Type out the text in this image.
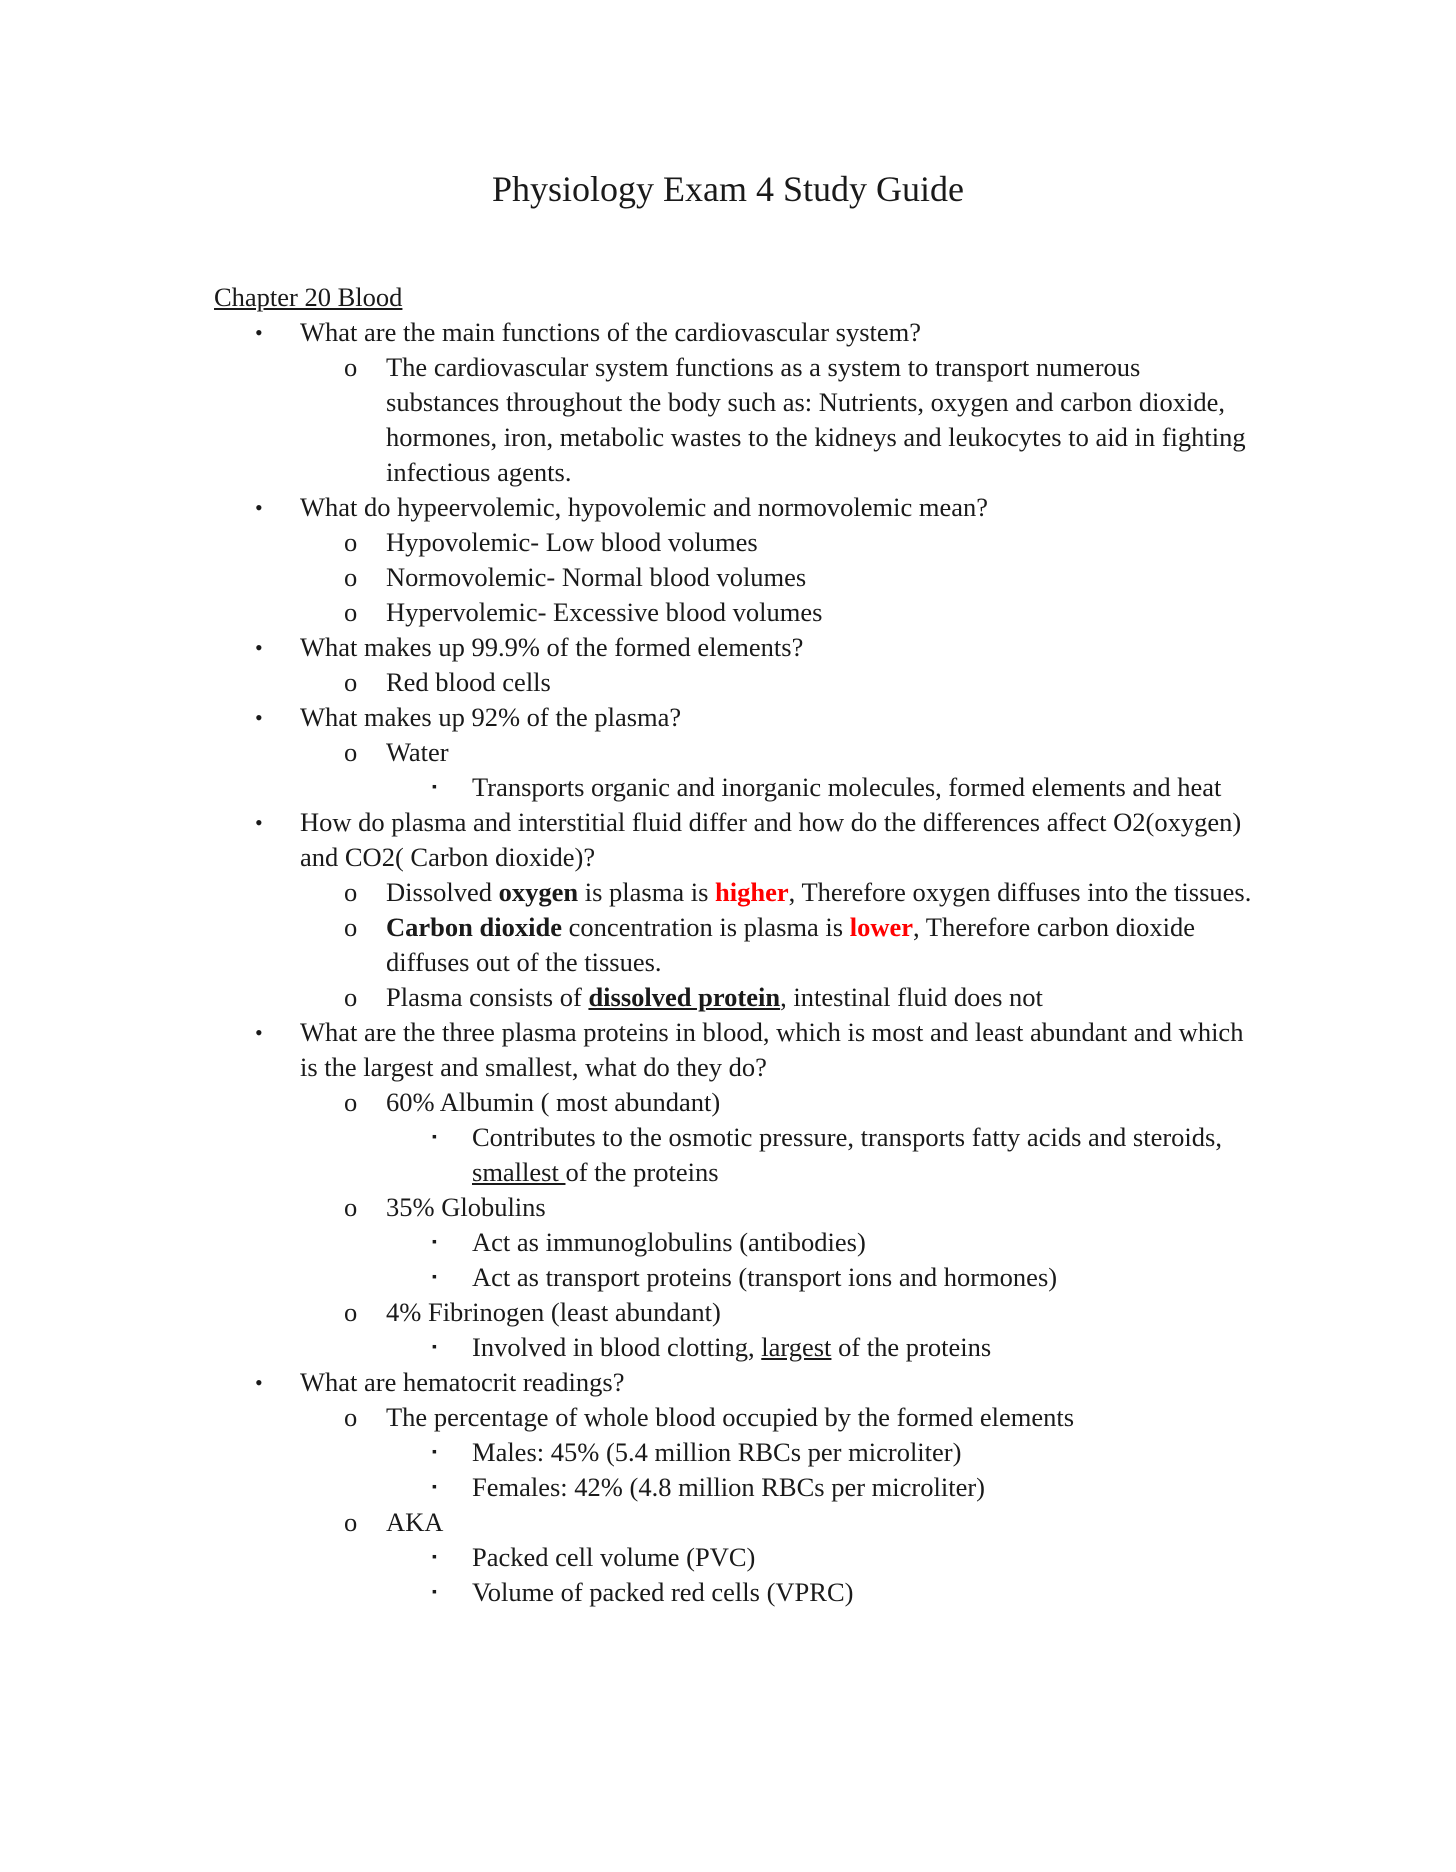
Physiology Exam 4 Study Guide
Chapter 20 Blood
• What are the main functions of the cardiovascular system?
o The cardiovascular system functions as a system to transport numerous substances throughout the body such as: Nutrients, oxygen and carbon dioxide, hormones, iron, metabolic wastes to the kidneys and leukocytes to aid in fighting infectious agents.
• What do hypeervolemic, hypovolemic and normovolemic mean?
o Hypovolemic- Low blood volumes
o Normovolemic- Normal blood volumes
o Hypervolemic- Excessive blood volumes
• What makes up 99.9% of the formed elements?
o Red blood cells
• What makes up 92% of the plasma?
o Water
▪ Transports organic and inorganic molecules, formed elements and heat
• How do plasma and interstitial fluid differ and how do the differences affect O2(oxygen) and CO2( Carbon dioxide)?
o Dissolved oxygen is plasma is higher, Therefore oxygen diffuses into the tissues.
o Carbon dioxide concentration is plasma is lower, Therefore carbon dioxide diffuses out of the tissues.
o Plasma consists of dissolved protein, intestinal fluid does not
• What are the three plasma proteins in blood, which is most and least abundant and which is the largest and smallest, what do they do?
o 60% Albumin ( most abundant)
▪ Contributes to the osmotic pressure, transports fatty acids and steroids, smallest of the proteins
o 35% Globulins
▪ Act as immunoglobulins (antibodies)
▪ Act as transport proteins (transport ions and hormones)
o 4% Fibrinogen (least abundant)
▪ Involved in blood clotting, largest of the proteins
• What are hematocrit readings?
o The percentage of whole blood occupied by the formed elements
▪ Males: 45% (5.4 million RBCs per microliter)
▪ Females: 42% (4.8 million RBCs per microliter)
o AKA
▪ Packed cell volume (PVC)
▪ Volume of packed red cells (VPRC)
